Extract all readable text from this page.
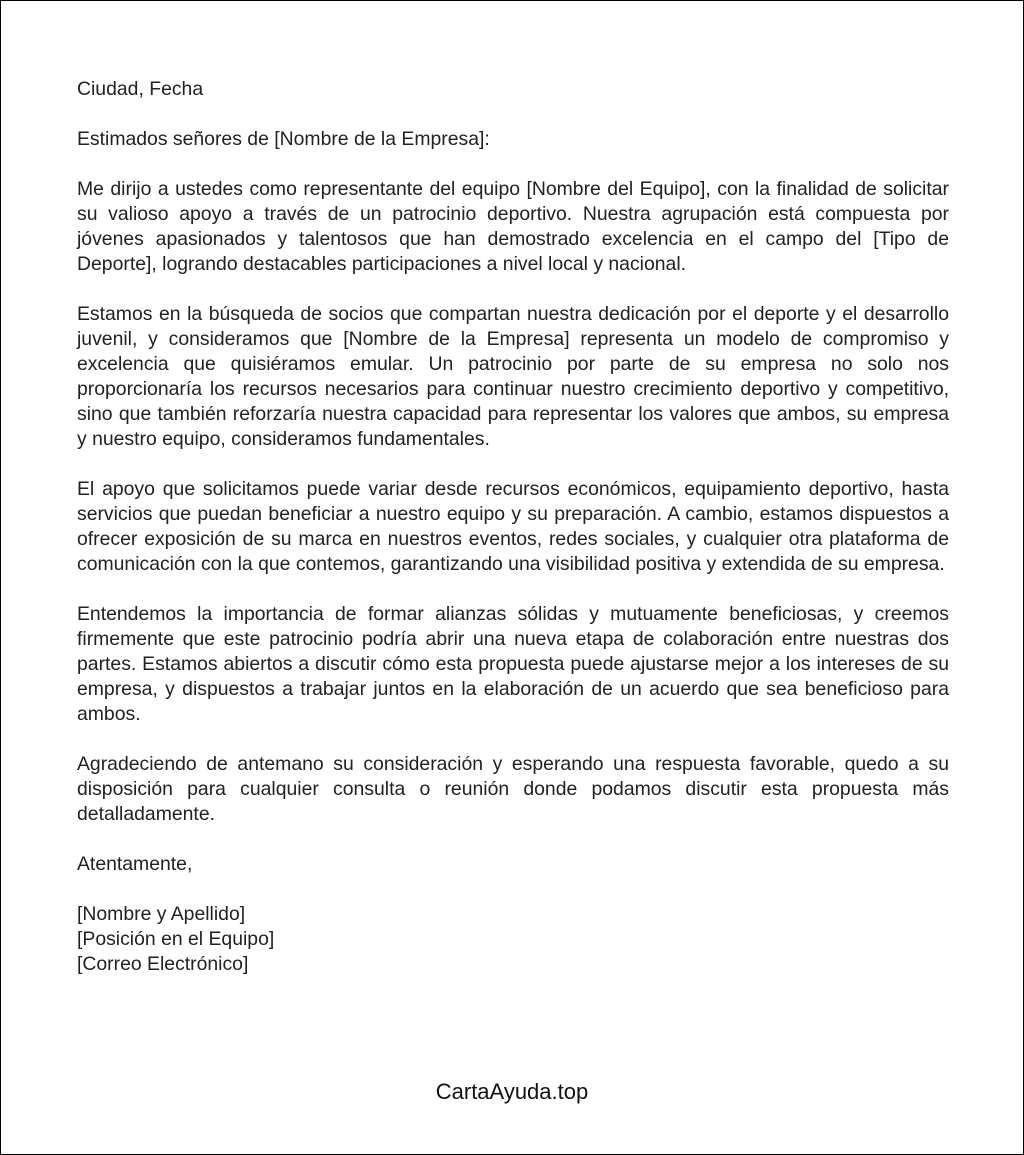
Ciudad, Fecha

Estimados señores de [Nombre de la Empresa]:

Me dirijo a ustedes como representante del equipo [Nombre del Equipo], con la finalidad de solicitar su valioso apoyo a través de un patrocinio deportivo. Nuestra agrupación está compuesta por jóvenes apasionados y talentosos que han demostrado excelencia en el campo del [Tipo de Deporte], logrando destacables participaciones a nivel local y nacional.

Estamos en la búsqueda de socios que compartan nuestra dedicación por el deporte y el desarrollo juvenil, y consideramos que [Nombre de la Empresa] representa un modelo de compromiso y excelencia que quisiéramos emular. Un patrocinio por parte de su empresa no solo nos proporcionaría los recursos necesarios para continuar nuestro crecimiento deportivo y competitivo, sino que también reforzaría nuestra capacidad para representar los valores que ambos, su empresa y nuestro equipo, consideramos fundamentales.

El apoyo que solicitamos puede variar desde recursos económicos, equipamiento deportivo, hasta servicios que puedan beneficiar a nuestro equipo y su preparación. A cambio, estamos dispuestos a ofrecer exposición de su marca en nuestros eventos, redes sociales, y cualquier otra plataforma de comunicación con la que contemos, garantizando una visibilidad positiva y extendida de su empresa.

Entendemos la importancia de formar alianzas sólidas y mutuamente beneficiosas, y creemos firmemente que este patrocinio podría abrir una nueva etapa de colaboración entre nuestras dos partes. Estamos abiertos a discutir cómo esta propuesta puede ajustarse mejor a los intereses de su empresa, y dispuestos a trabajar juntos en la elaboración de un acuerdo que sea beneficioso para ambos.

Agradeciendo de antemano su consideración y esperando una respuesta favorable, quedo a su disposición para cualquier consulta o reunión donde podamos discutir esta propuesta más detalladamente.

Atentamente,

[Nombre y Apellido]
[Posición en el Equipo]
[Correo Electrónico]
CartaAyuda.top
